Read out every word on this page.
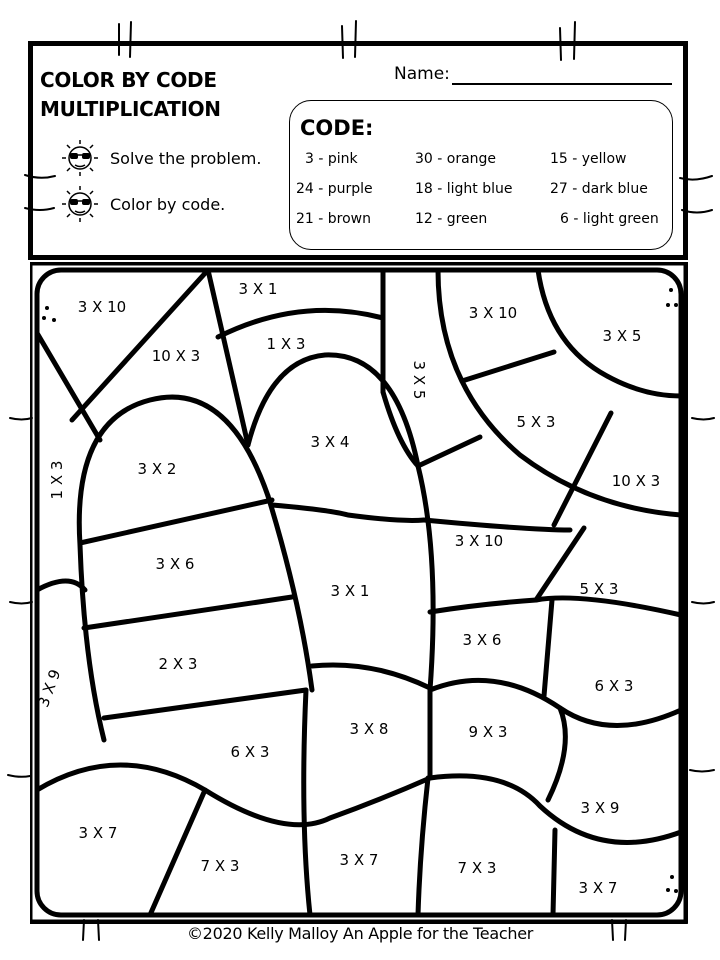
COLOR BY CODE
MULTIPLICATION
Name:
Solve the problem.
Color by code.
CODE:
3 - pink	30 - orange	15 - yellow
24 - purple	18 - light blue	27 - dark blue
21 - brown	12 - green	6 - light green
3 X 10
3 X 1
10 X 3
1 X 3
3 X 10
3 X 5
3 X 5
3 X 4
5 X 3
3 X 2
1 X 3	10 X 3
3 X 10
3 X 6
3 X 1	5 X 3
3 X 6
2 X 3
6 X 3
3 X 9
3 X 8	9 X 3
6 X 3
3 X 9
3 X 7
7 X 3	3 X 7	7 X 3
3 X 7
©2020 Kelly Malloy An Apple for the Teacher
